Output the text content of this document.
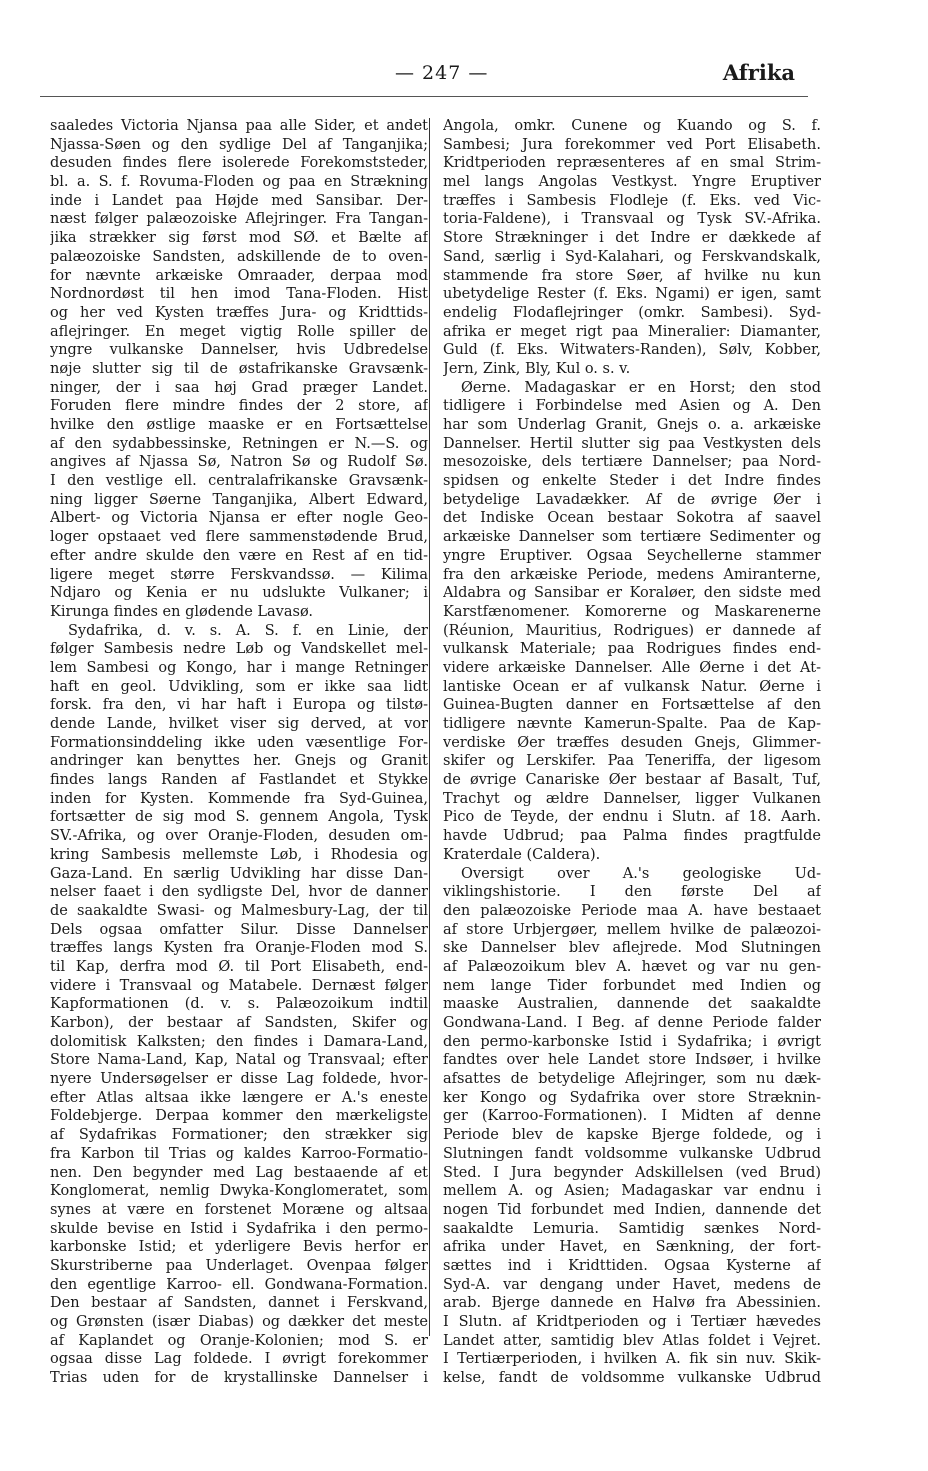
— 247 —	Afrika
saaledes Victoria Njansa paa alle Sider, et andet
Njassa-Søen og den sydlige Del af Tanganjika;
desuden findes flere isolerede Forekomststeder,
bl. a. S. f. Rovuma-Floden og paa en Strækning
inde i Landet paa Højde med Sansibar. Der-
næst følger palæozoiske Aflejringer. Fra Tangan-
jika strækker sig først mod SØ. et Bælte af
palæozoiske Sandsten, adskillende de to oven-
for nævnte arkæiske Omraader, derpaa mod
Nordnordøst til hen imod Tana-Floden. Hist
og her ved Kysten træffes Jura- og Kridttids-
aflejringer. En meget vigtig Rolle spiller de
yngre vulkanske Dannelser, hvis Udbredelse
nøje slutter sig til de østafrikanske Gravsænk-
ninger, der i saa høj Grad præger Landet.
Foruden flere mindre findes der 2 store, af
hvilke den østlige maaske er en Fortsættelse
af den sydabbessinske, Retningen er N.—S. og
angives af Njassa Sø, Natron Sø og Rudolf Sø.
I den vestlige ell. centralafrikanske Gravsænk-
ning ligger Søerne Tanganjika, Albert Edward,
Albert- og Victoria Njansa er efter nogle Geo-
loger opstaaet ved flere sammenstødende Brud,
efter andre skulde den være en Rest af en tid-
ligere meget større Ferskvandssø. — Kilima
Ndjaro og Kenia er nu udslukte Vulkaner; i
Kirunga findes en glødende Lavasø.
Sydafrika, d. v. s. A. S. f. en Linie, der
følger Sambesis nedre Løb og Vandskellet mel-
lem Sambesi og Kongo, har i mange Retninger
haft en geol. Udvikling, som er ikke saa lidt
forsk. fra den, vi har haft i Europa og tilstø-
dende Lande, hvilket viser sig derved, at vor
Formationsinddeling ikke uden væsentlige For-
andringer kan benyttes her. Gnejs og Granit
findes langs Randen af Fastlandet et Stykke
inden for Kysten. Kommende fra Syd-Guinea,
fortsætter de sig mod S. gennem Angola, Tysk
SV.-Afrika, og over Oranje-Floden, desuden om-
kring Sambesis mellemste Løb, i Rhodesia og
Gaza-Land. En særlig Udvikling har disse Dan-
nelser faaet i den sydligste Del, hvor de danner
de saakaldte Swasi- og Malmesbury-Lag, der til
Dels ogsaa omfatter Silur. Disse Dannelser
træffes langs Kysten fra Oranje-Floden mod S.
til Kap, derfra mod Ø. til Port Elisabeth, end-
videre i Transvaal og Matabele. Dernæst følger
Kapformationen (d. v. s. Palæozoikum indtil
Karbon), der bestaar af Sandsten, Skifer og
dolomitisk Kalksten; den findes i Damara-Land,
Store Nama-Land, Kap, Natal og Transvaal; efter
nyere Undersøgelser er disse Lag foldede, hvor-
efter Atlas altsaa ikke længere er A.'s eneste
Foldebjerge. Derpaa kommer den mærkeligste
af Sydafrikas Formationer; den strækker sig
fra Karbon til Trias og kaldes Karroo-Formatio-
nen. Den begynder med Lag bestaaende af et
Konglomerat, nemlig Dwyka-Konglomeratet, som
synes at være en forstenet Moræne og altsaa
skulde bevise en Istid i Sydafrika i den permo-
karbonske Istid; et yderligere Bevis herfor er
Skurstriberne paa Underlaget. Ovenpaa følger
den egentlige Karroo- ell. Gondwana-Formation.
Den bestaar af Sandsten, dannet i Ferskvand,
og Grønsten (især Diabas) og dækker det meste
af Kaplandet og Oranje-Kolonien; mod S. er
ogsaa disse Lag foldede. I øvrigt forekommer
Trias uden for de krystallinske Dannelser i
Angola, omkr. Cunene og Kuando og S. f.
Sambesi; Jura forekommer ved Port Elisabeth.
Kridtperioden repræsenteres af en smal Strim-
mel langs Angolas Vestkyst. Yngre Eruptiver
træffes i Sambesis Flodleje (f. Eks. ved Vic-
toria-Faldene), i Transvaal og Tysk SV.-Afrika.
Store Strækninger i det Indre er dækkede af
Sand, særlig i Syd-Kalahari, og Ferskvandskalk,
stammende fra store Søer, af hvilke nu kun
ubetydelige Rester (f. Eks. Ngami) er igen, samt
endelig Flodaflejringer (omkr. Sambesi). Syd-
afrika er meget rigt paa Mineralier: Diamanter,
Guld (f. Eks. Witwaters-Randen), Sølv, Kobber,
Jern, Zink, Bly, Kul o. s. v.
Øerne. Madagaskar er en Horst; den stod
tidligere i Forbindelse med Asien og A. Den
har som Underlag Granit, Gnejs o. a. arkæiske
Dannelser. Hertil slutter sig paa Vestkysten dels
mesozoiske, dels tertiære Dannelser; paa Nord-
spidsen og enkelte Steder i det Indre findes
betydelige Lavadækker. Af de øvrige Øer i
det Indiske Ocean bestaar Sokotra af saavel
arkæiske Dannelser som tertiære Sedimenter og
yngre Eruptiver. Ogsaa Seychellerne stammer
fra den arkæiske Periode, medens Amiranterne,
Aldabra og Sansibar er Koraløer, den sidste med
Karstfænomener. Komorerne og Maskarenerne
(Réunion, Mauritius, Rodrigues) er dannede af
vulkansk Materiale; paa Rodrigues findes end-
videre arkæiske Dannelser. Alle Øerne i det At-
lantiske Ocean er af vulkansk Natur. Øerne i
Guinea-Bugten danner en Fortsættelse af den
tidligere nævnte Kamerun-Spalte. Paa de Kap-
verdiske Øer træffes desuden Gnejs, Glimmer-
skifer og Lerskifer. Paa Teneriffa, der ligesom
de øvrige Canariske Øer bestaar af Basalt, Tuf,
Trachyt og ældre Dannelser, ligger Vulkanen
Pico de Teyde, der endnu i Slutn. af 18. Aarh.
havde Udbrud; paa Palma findes pragtfulde
Kraterdale (Caldera).
Oversigt over A.'s geologiske Ud-
viklingshistorie. I den første Del af
den palæozoiske Periode maa A. have bestaaet
af store Urbjergøer, mellem hvilke de palæozoi-
ske Dannelser blev aflejrede. Mod Slutningen
af Palæozoikum blev A. hævet og var nu gen-
nem lange Tider forbundet med Indien og
maaske Australien, dannende det saakaldte
Gondwana-Land. I Beg. af denne Periode falder
den permo-karbonske Istid i Sydafrika; i øvrigt
fandtes over hele Landet store Indsøer, i hvilke
afsattes de betydelige Aflejringer, som nu dæk-
ker Kongo og Sydafrika over store Stræknin-
ger (Karroo-Formationen). I Midten af denne
Periode blev de kapske Bjerge foldede, og i
Slutningen fandt voldsomme vulkanske Udbrud
Sted. I Jura begynder Adskillelsen (ved Brud)
mellem A. og Asien; Madagaskar var endnu i
nogen Tid forbundet med Indien, dannende det
saakaldte Lemuria. Samtidig sænkes Nord-
afrika under Havet, en Sænkning, der fort-
sættes ind i Kridttiden. Ogsaa Kysterne af
Syd-A. var dengang under Havet, medens de
arab. Bjerge dannede en Halvø fra Abessinien.
I Slutn. af Kridtperioden og i Tertiær hævedes
Landet atter, samtidig blev Atlas foldet i Vejret.
I Tertiærperioden, i hvilken A. fik sin nuv. Skik-
kelse, fandt de voldsomme vulkanske Udbrud
